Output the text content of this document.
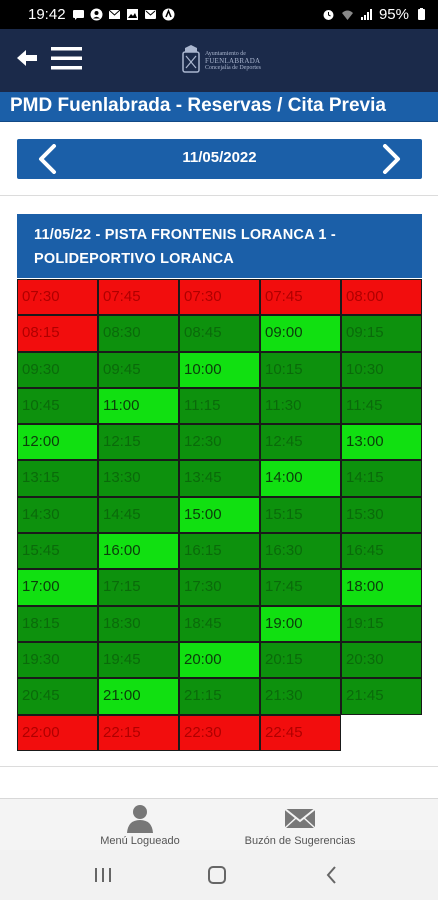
19:42	95%
Ayuntamiento de
FUENLABRADA
Concejalía de Deportes
PMD Fuenlabrada - Reservas / Cita Previa
11/05/2022
11/05/22 - PISTA FRONTENIS LORANCA 1 -
POLIDEPORTIVO LORANCA
07:30	07:45	07:30	07:45	08:00
08:15	08:30	08:45	09:00	09:15
09:30	09:45	10:00	10:15	10:30
10:45	11:00	11:15	11:30	11:45
12:00	12:15	12:30	12:45	13:00
13:15	13:30	13:45	14:00	14:15
14:30	14:45	15:00	15:15	15:30
15:45	16:00	16:15	16:30	16:45
17:00	17:15	17:30	17:45	18:00
18:15	18:30	18:45	19:00	19:15
19:30	19:45	20:00	20:15	20:30
20:45	21:00	21:15	21:30	21:45
22:00	22:15	22:30	22:45
Menú Logueado	Buzón de Sugerencias
